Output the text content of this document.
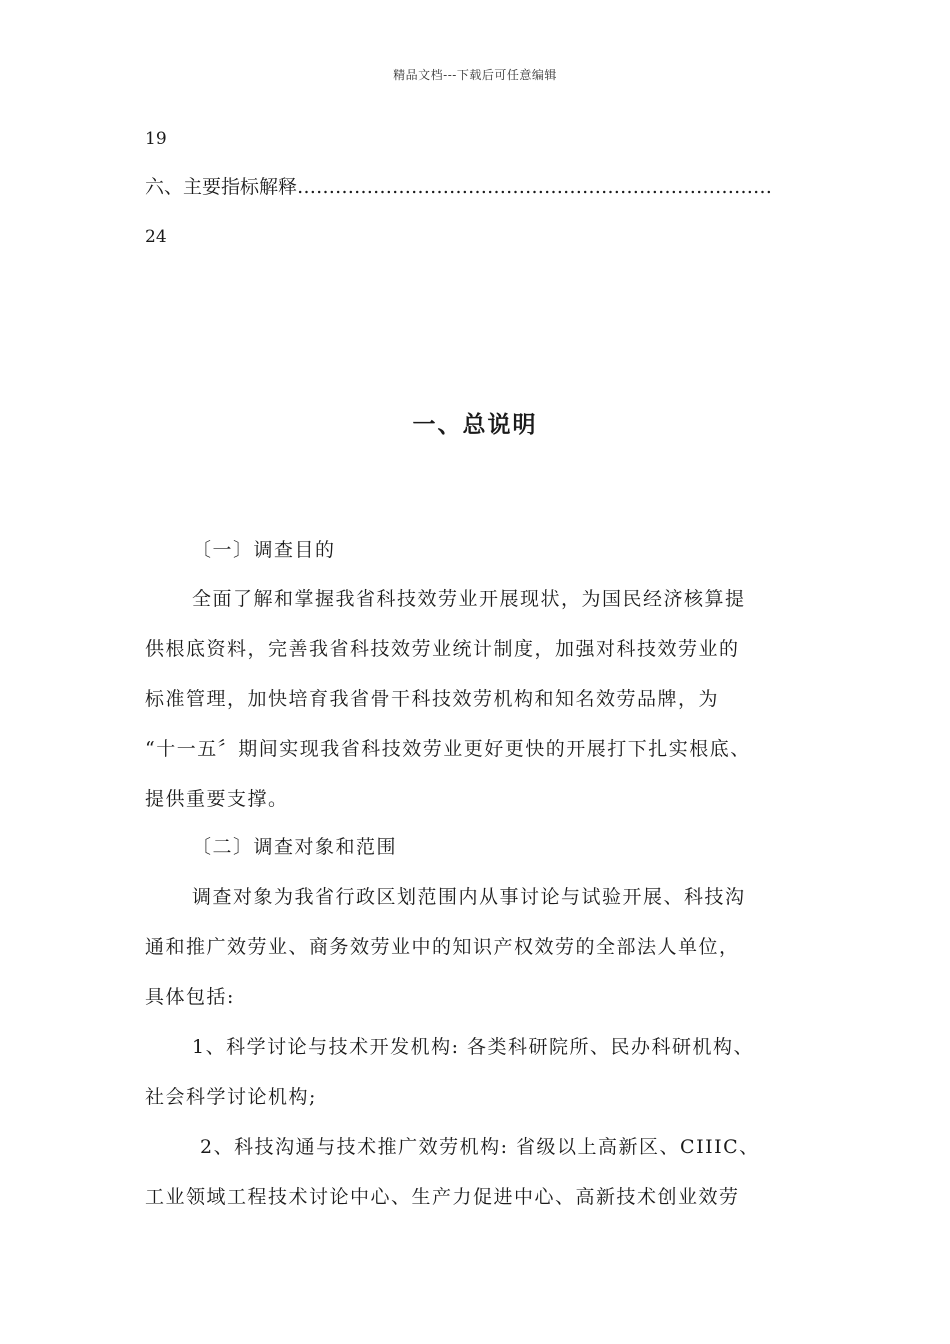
精品文档---下载后可任意编辑
19
六、主要指标解释…………………………………………………………………
24
一、总说明
〔一〕调查目的
全面了解和掌握我省科技效劳业开展现状，为国民经济核算提
供根底资料，完善我省科技效劳业统计制度，加强对科技效劳业的
标准管理，加快培育我省骨干科技效劳机构和知名效劳品牌，为
“十一五〞期间实现我省科技效劳业更好更快的开展打下扎实根底、
提供重要支撑。
〔二〕调查对象和范围
调查对象为我省行政区划范围内从事讨论与试验开展、科技沟
通和推广效劳业、商务效劳业中的知识产权效劳的全部法人单位，
具体包括:
1、科学讨论与技术开发机构: 各类科研院所、民办科研机构、
社会科学讨论机构;
2、科技沟通与技术推广效劳机构: 省级以上高新区、CIIIC、
工业领域工程技术讨论中心、生产力促进中心、高新技术创业效劳
